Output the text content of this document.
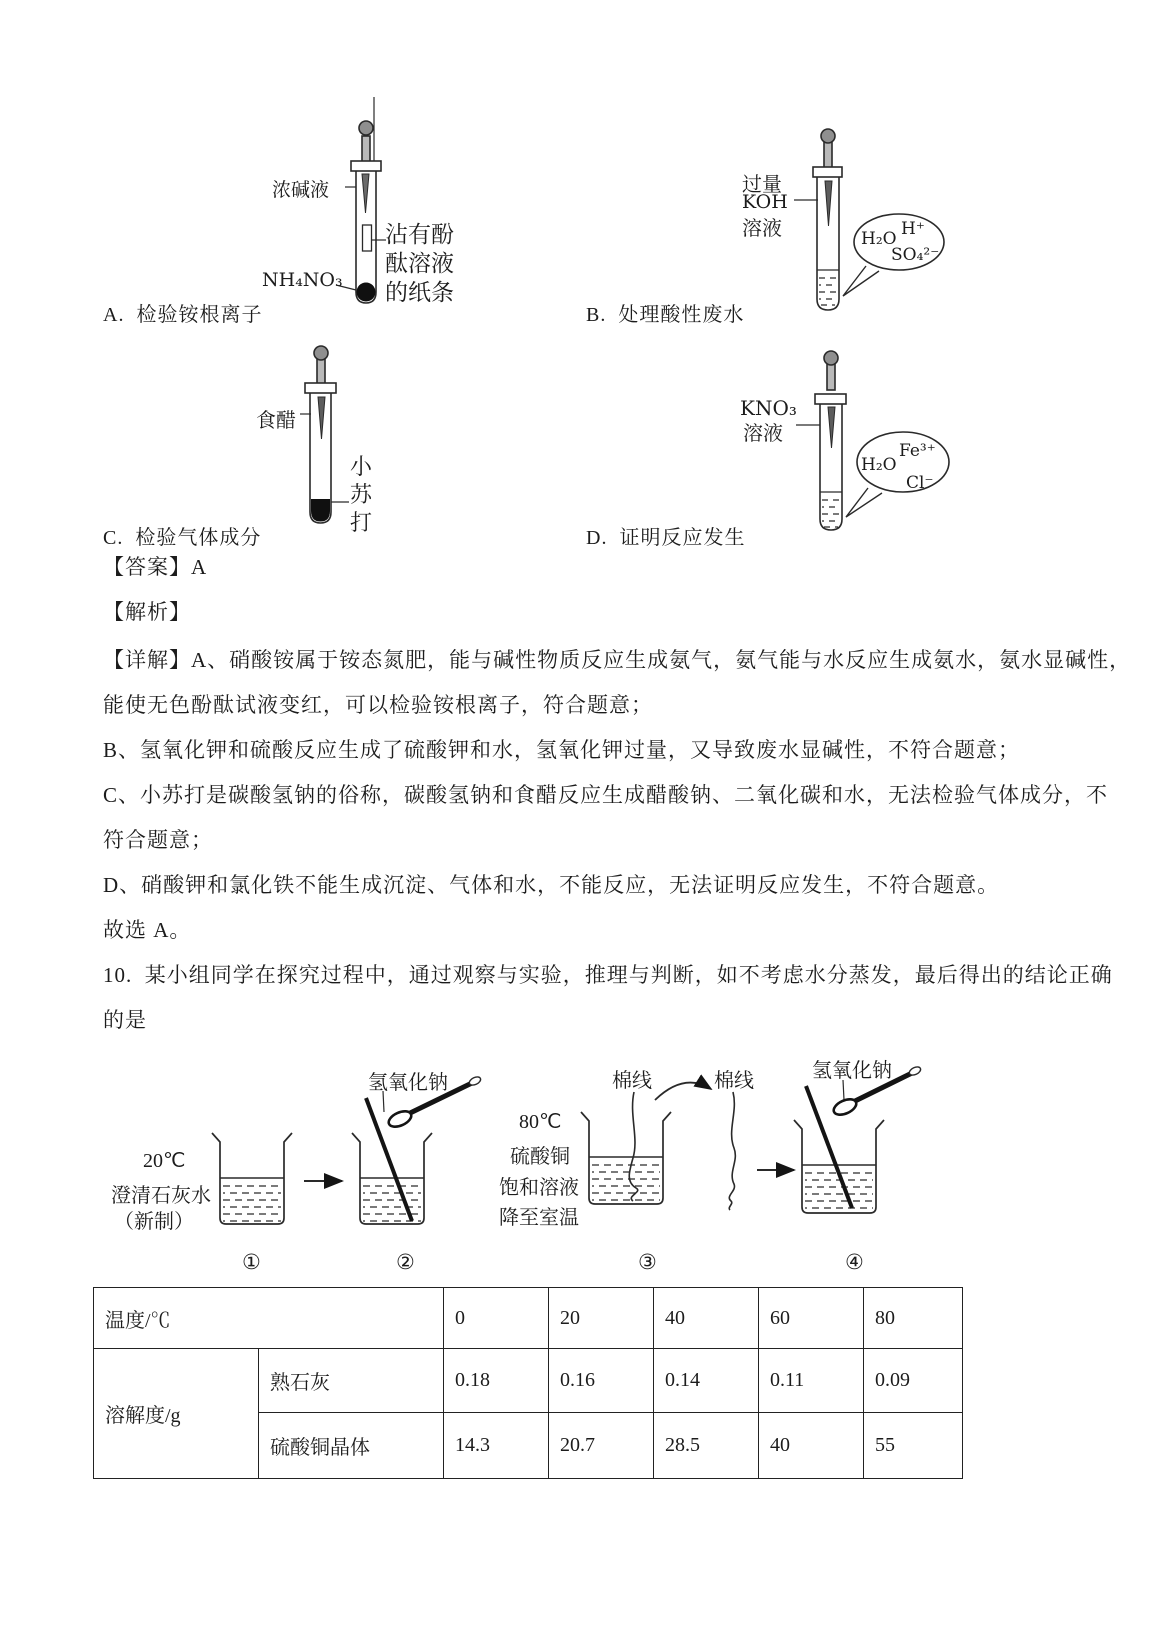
浓碱液
沾有酚
酞溶液
的纸条
NH₄NO₃
A.  检验铵根离子
过量
KOH
溶液	H₂O H⁺
SO₄²⁻
B.  处理酸性废水
食醋
小
苏
打
C.  检验气体成分
KNO₃
溶液
H₂O
Fe³⁺
Cl⁻
D.  证明反应发生
【答案】A
【解析】
【详解】A、硝酸铵属于铵态氮肥，能与碱性物质反应生成氨气，氨气能与水反应生成氨水，氨水显碱性，
能使无色酚酞试液变红，可以检验铵根离子，符合题意；
B、氢氧化钾和硫酸反应生成了硫酸钾和水，氢氧化钾过量，又导致废水显碱性，不符合题意；
C、小苏打是碳酸氢钠的俗称，碳酸氢钠和食醋反应生成醋酸钠、二氧化碳和水，无法检验气体成分，不
符合题意；
D、硝酸钾和氯化铁不能生成沉淀、气体和水，不能反应，无法证明反应发生，不符合题意。
故选 A。
10.  某小组同学在探究过程中，通过观察与实验，推理与判断，如不考虑水分蒸发，最后得出的结论正确
的是
氢氧化钠
20℃
澄清石灰水
（新制）
80℃
硫酸铜
饱和溶液
降至室温
棉线	棉线	氢氧化钠
①	②	③	④
温度/℃		0	20	40	60	80
溶解度/g	熟石灰	0.18	0.16	0.14	0.11	0.09
	硫酸铜晶体	14.3	20.7	28.5	40	55
